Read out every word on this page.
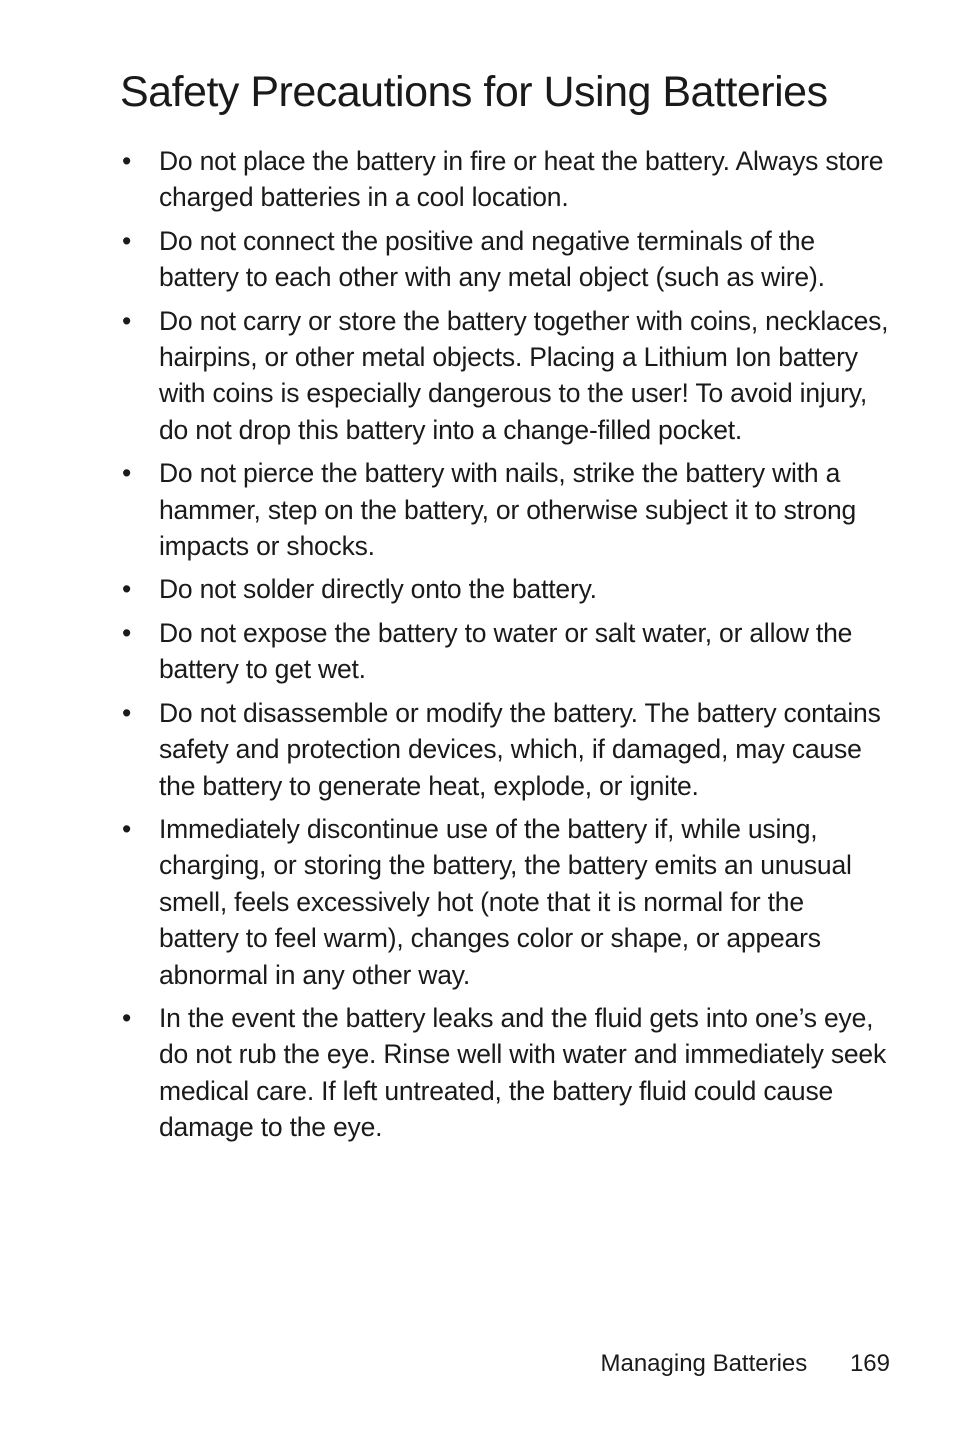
Safety Precautions for Using Batteries
• Do not place the battery in fire or heat the battery. Always store charged batteries in a cool location.
• Do not connect the positive and negative terminals of the battery to each other with any metal object (such as wire).
• Do not carry or store the battery together with coins, necklaces, hairpins, or other metal objects. Placing a Lithium Ion battery with coins is especially dangerous to the user! To avoid injury, do not drop this battery into a change-filled pocket.
• Do not pierce the battery with nails, strike the battery with a hammer, step on the battery, or otherwise subject it to strong impacts or shocks.
• Do not solder directly onto the battery.
• Do not expose the battery to water or salt water, or allow the battery to get wet.
• Do not disassemble or modify the battery. The battery contains safety and protection devices, which, if damaged, may cause the battery to generate heat, explode, or ignite.
• Immediately discontinue use of the battery if, while using, charging, or storing the battery, the battery emits an unusual smell, feels excessively hot (note that it is normal for the battery to feel warm), changes color or shape, or appears abnormal in any other way.
• In the event the battery leaks and the fluid gets into one’s eye, do not rub the eye. Rinse well with water and immediately seek medical care. If left untreated, the battery fluid could cause damage to the eye.
Managing Batteries 169
